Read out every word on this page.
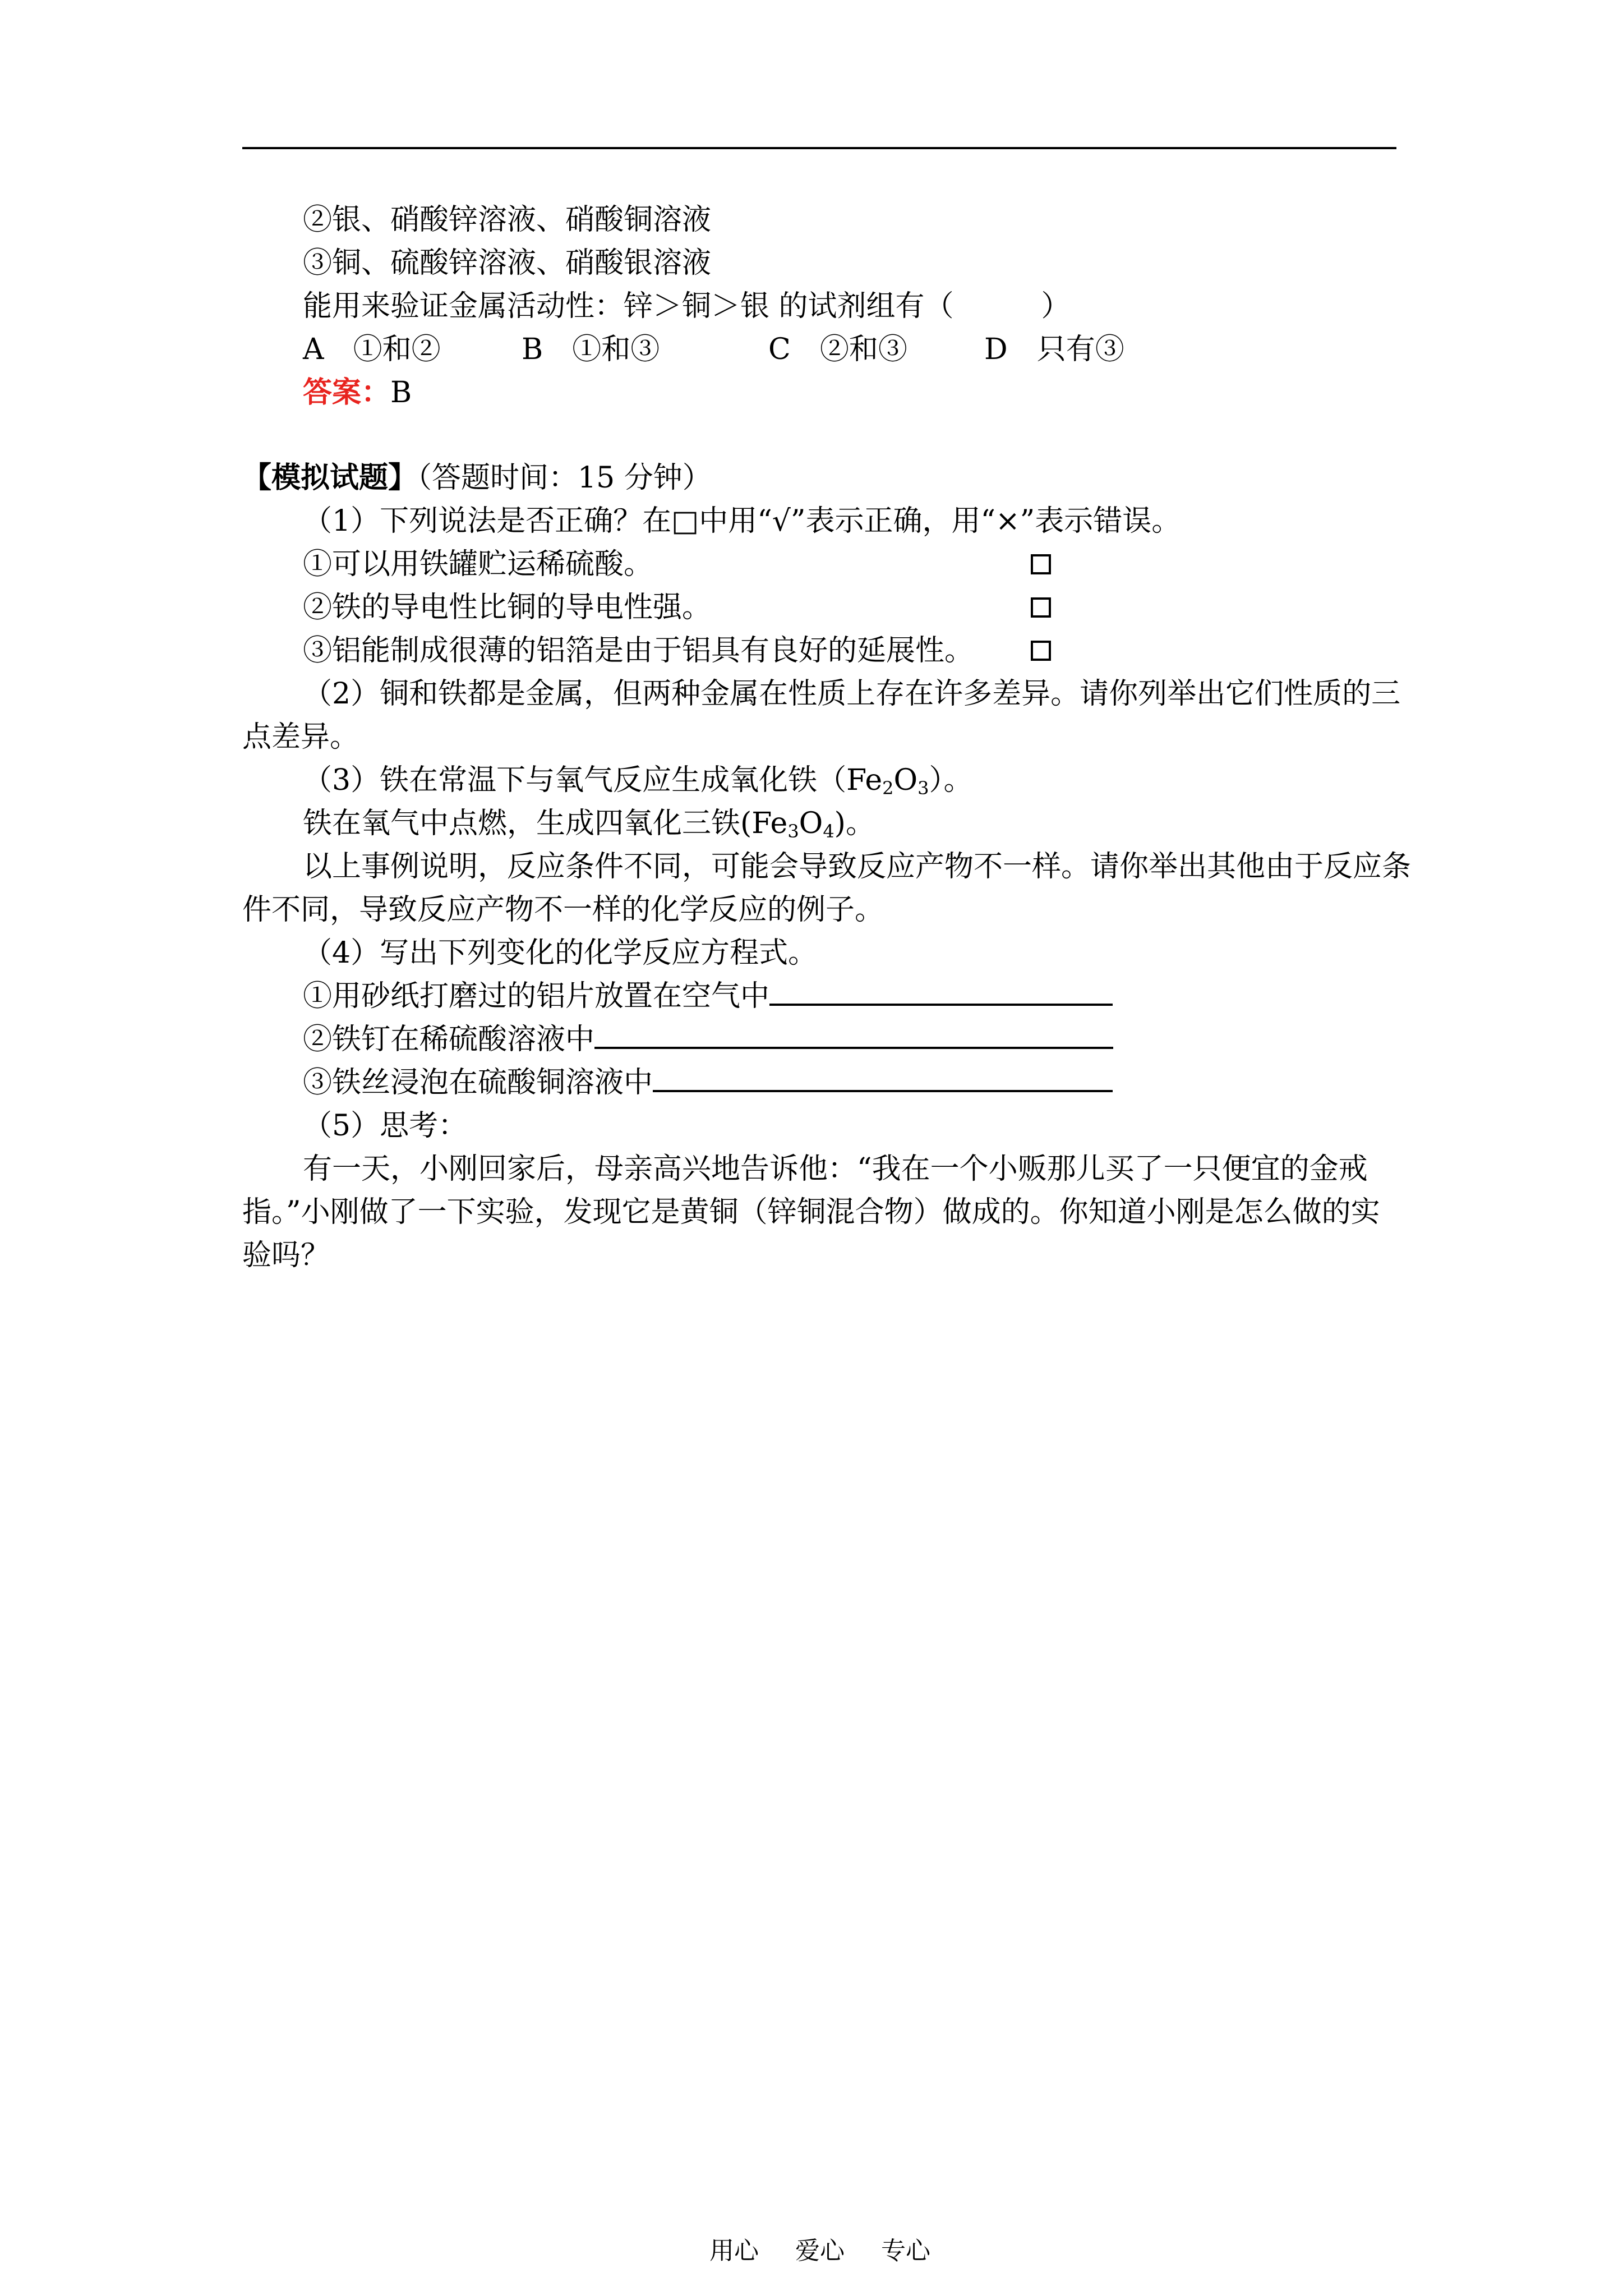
②银、硝酸锌溶液、硝酸铜溶液
③铜、硫酸锌溶液、硝酸银溶液
能用来验证金属活动性：锌＞铜＞银 的试剂组有（　　　）
A　 ①和②	B　 ①和③	C　 ②和③	D　 只有③
答案：B
【模拟试题】（答题时间：15 分钟）
（1）下列说法是否正确？在□中用“√”表示正确，用“×”表示错误。
①可以用铁罐贮运稀硫酸。
②铁的导电性比铜的导电性强。
③铝能制成很薄的铝箔是由于铝具有良好的延展性。
（2）铜和铁都是金属，但两种金属在性质上存在许多差异。请你列举出它们性质的三
点差异。
（3）铁在常温下与氧气反应生成氧化铁$(Fe_2O_3)$。
铁在氧气中点燃，生成四氧化三铁$(Fe_3O_4)$。
以上事例说明，反应条件不同，可能会导致反应产物不一样。请你举出其他由于反应条
件不同，导致反应产物不一样的化学反应的例子。
（4）写出下列变化的化学反应方程式。
①用砂纸打磨过的铝片放置在空气中
②铁钉在稀硫酸溶液中
③铁丝浸泡在硫酸铜溶液中
（5）思考：
有一天，小刚回家后，母亲高兴地告诉他：“我在一个小贩那儿买了一只便宜的金戒
指。”小刚做了一下实验，发现它是黄铜（锌铜混合物）做成的。你知道小刚是怎么做的实
验吗？
用心 爱心 专心
